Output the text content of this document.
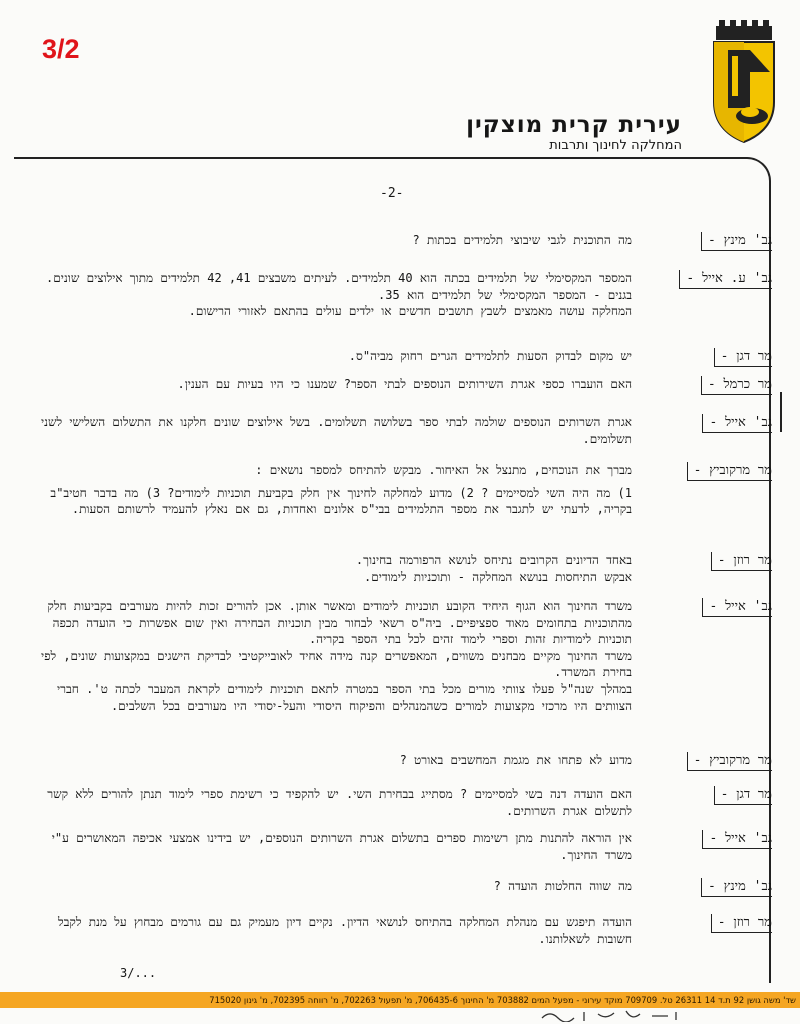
3/2
עירית קרית מוצקין
המחלקה לחינוך ותרבות
-2-
גב' מינץ -

מה התוכנית לגבי שיבוצי תלמידים בכתות ?

גב' ע. אייל -

המספר המקסימלי של תלמידים בכתה הוא 40 תלמידים. לעיתים משבצים 41, 42 תלמידים מתוך אילוצים שונים.

בגנים - המספר המקסימלי של תלמידים הוא 35.

המחלקה עושה מאמצים לשבץ תושבים חדשים או ילדים עולים בהתאם לאזורי הרישום.

מר דגן -

יש מקום לבדוק הסעות לתלמידים הגרים רחוק מביה"ס.

מר כרמל -

האם הועברו כספי אגרת השירותים הנוספים לבתי הספר? שמענו כי היו בעיות עם הענין.

גב' אייל -

אגרת השרותים הנוספים שולמה לבתי ספר בשלושה תשלומים. בשל אילוצים שונים חלקנו את התשלום השלישי לשני תשלומים.

מר מרקוביץ -

מברך את הנוכחים, מתנצל אל האיחור. מבקש להתיחס למספר נושאים :

1) מה היה השי למסיימים ? 2) מדוע למחלקה לחינוך אין חלק בקביעת תוכניות לימודים? 3) מה בדבר חטיב"ב בקריה, לדעתי יש לתגבר את מספר התלמידים בבי"ס אלונים ואחדות, גם אם נאלץ להעמיד לרשותם הסעות.

מר רוזן -

באחד הדיונים הקרובים נתיחס לנושא הרפורמה בחינוך.

אבקש התיחסות בנושא המחלקה - ותוכניות לימודים.

גב' אייל -

משרד החינוך הוא הגוף היחיד הקובע תוכניות לימודים ומאשר אותן. אכן להורים זכות להיות מעורבים בקביעות חלק מהתוכניות בתחומים מאוד ספציפיים. ביה"ס רשאי לבחור מבין תוכניות הבחירה ואין שום אפשרות כי הועדה תכפה תוכניות לימודיות זהות וספרי לימוד זהים לכל בתי הספר בקריה.

משרד החינוך מקיים מבחנים משווים, המאפשרים קנה מידה אחיד לאובייקטיבי לבדיקת הישגים במקצועות שונים, לפי בחירת המשרד.

במהלך שנה"ל פעלו צוותי מורים מכל בתי הספר במטרה לתאם תוכניות לימודים לקראת המעבר לכתה ט'. חברי הצוותים היו מרכזי מקצועות למורים כשהמנהלים והפיקוח היסודי והעל-יסודי היו מעורבים בכל השלבים.

מר מרקוביץ -

מדוע לא פתחו את מגמת המחשבים באורט ?

מר דגן -

האם הועדה דנה בשי למסיימים ? מסתייג בבחירת השי. יש להקפיד כי רשימת ספרי לימוד תנתן להורים ללא קשר לתשלום אגרת השרותים.

גב' אייל -

אין הוראה להתנות מתן רשימות ספרים בתשלום אגרת השרותים הנוספים, יש בידינו אמצעי אכיפה המאושרים ע"י משרד החינוך.

גב' מינץ -

מה שווה החלטות הועדה ?

מר רוזן -

הועדה תיפגש עם מנהלת המחלקה בהתיחס לנושאי הדיון. נקיים דיון מעמיק גם עם גורמים מבחוץ על מנת לקבל חשובות לשאלותנו.

3/...
שד' משה גושן 92 ת.ד 14 26311 טל. 709709 מוקד עירוני - מפעל המים 703882 מ' החינוך 706435-6, מ' תפעול 702263, מ' רווחה 702395, מ' גינון 715020
